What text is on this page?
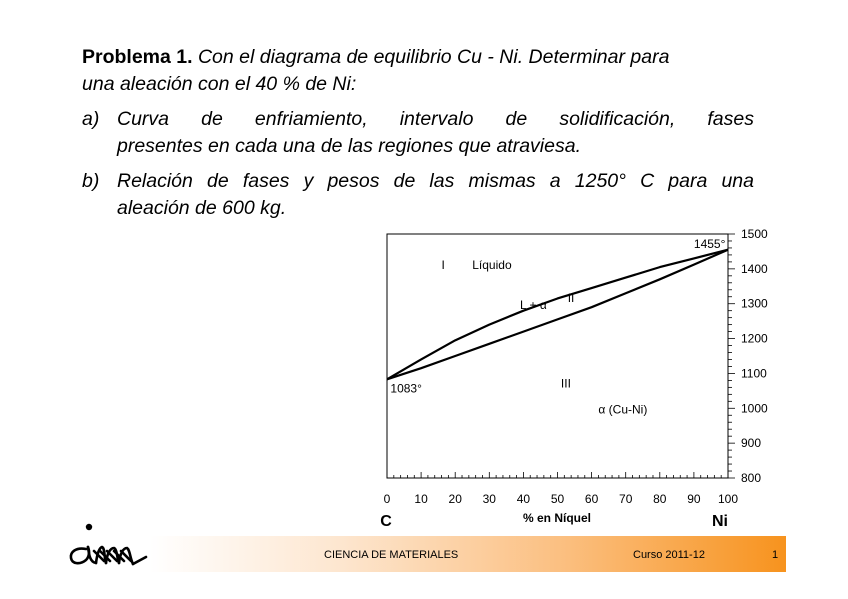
Problema 1. Con el diagrama de equilibrio Cu - Ni. Determinar para
una aleación con el 40 % de Ni:

a) Curva de enfriamiento, intervalo de solidificación, fases
presentes en cada una de las regiones que atraviesa.

b) Relación de fases y pesos de las mismas a 1250° C para una
aleación de 600 kg.

0 10 20 30 40 50 60 70 80 90 100
800
900
1000
1100
1200
1300
1400
1500
1455°
I Líquido
L + α II
1083°	III
α (Cu-Ni)
% en Níquel
C	Ni
CIENCIA DE MATERIALES	Curso 2011-12	1
